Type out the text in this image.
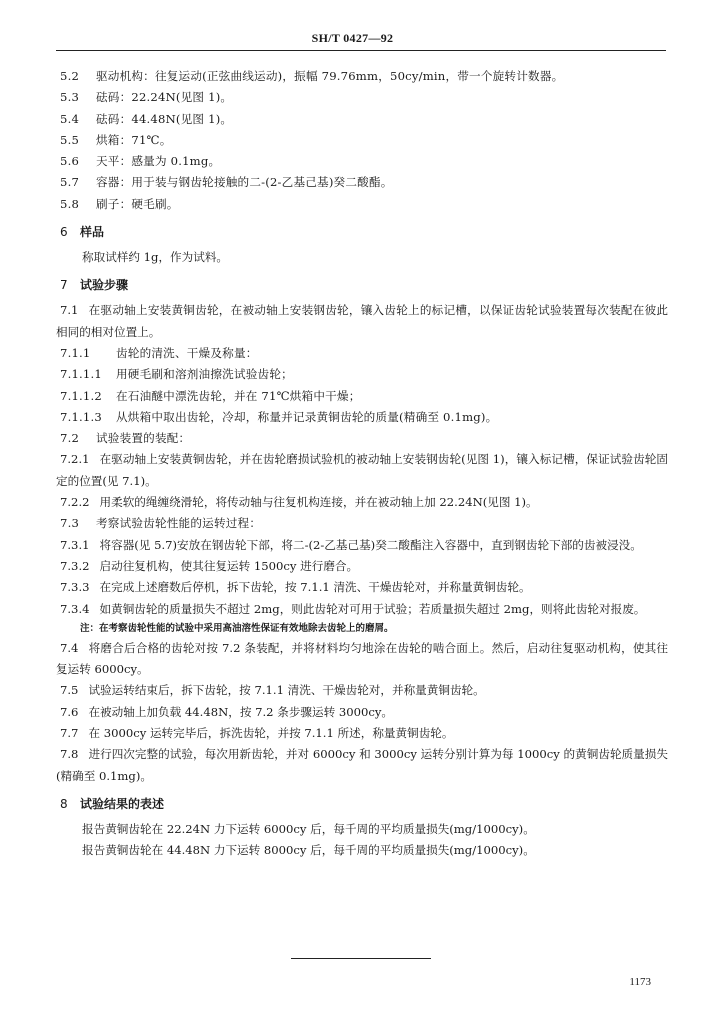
SH/T 0427—92
5.2 驱动机构：往复运动(正弦曲线运动)，振幅 79.76mm，50cy/min，带一个旋转计数器。
5.3 砝码：22.24N(见图 1)。
5.4 砝码：44.48N(见图 1)。
5.5 烘箱：71℃。
5.6 天平：感量为 0.1mg。
5.7 容器：用于装与钢齿轮接触的二-(2-乙基己基)癸二酸酯。
5.8 刷子：硬毛刷。
6 样品
称取试样约 1g，作为试料。
7 试验步骤

7.1 在驱动轴上安装黄铜齿轮，在被动轴上安装钢齿轮，镶入齿轮上的标记槽，以保证齿轮试验装置每次装配在彼此相同的相对位置上。

7.1.1 齿轮的清洗、干燥及称量：
7.1.1.1 用硬毛刷和溶剂油擦洗试验齿轮；
7.1.1.2 在石油醚中漂洗齿轮，并在 71℃烘箱中干燥；
7.1.1.3 从烘箱中取出齿轮，冷却，称量并记录黄铜齿轮的质量(精确至 0.1mg)。
7.2 试验装置的装配：

7.2.1 在驱动轴上安装黄铜齿轮，并在齿轮磨损试验机的被动轴上安装钢齿轮(见图 1)，镶入标记槽，保证试验齿轮固定的位置(见 7.1)。

7.2.2 用柔软的绳缠绕滑轮，将传动轴与往复机构连接，并在被动轴上加 22.24N(见图 1)。

7.3 考察试验齿轮性能的运转过程：

7.3.1 将容器(见 5.7)安放在钢齿轮下部，将二-(2-乙基己基)癸二酸酯注入容器中，直到钢齿轮下部的齿被浸没。

7.3.2 启动往复机构，使其往复运转 1500cy 进行磨合。

7.3.3 在完成上述磨数后停机，拆下齿轮，按 7.1.1 清洗、干燥齿轮对，并称量黄铜齿轮。

7.3.4 如黄铜齿轮的质量损失不超过 2mg，则此齿轮对可用于试验；若质量损失超过 2mg，则将此齿轮对报废。

注：在考察齿轮性能的试验中采用高油溶性保证有效地除去齿轮上的磨屑。

7.4 将磨合后合格的齿轮对按 7.2 条装配，并将材料均匀地涂在齿轮的啮合面上。然后，启动往复驱动机构，使其往复运转 6000cy。

7.5 试验运转结束后，拆下齿轮，按 7.1.1 清洗、干燥齿轮对，并称量黄铜齿轮。

7.6 在被动轴上加负载 44.48N，按 7.2 条步骤运转 3000cy。

7.7 在 3000cy 运转完毕后，拆洗齿轮，并按 7.1.1 所述，称量黄铜齿轮。

7.8 进行四次完整的试验，每次用新齿轮，并对 6000cy 和 3000cy 运转分别计算为每 1000cy 的黄铜齿轮质量损失(精确至 0.1mg)。

8 试验结果的表述
报告黄铜齿轮在 22.24N 力下运转 6000cy 后，每千周的平均质量损失(mg/1000cy)。
报告黄铜齿轮在 44.48N 力下运转 8000cy 后，每千周的平均质量损失(mg/1000cy)。
1173
